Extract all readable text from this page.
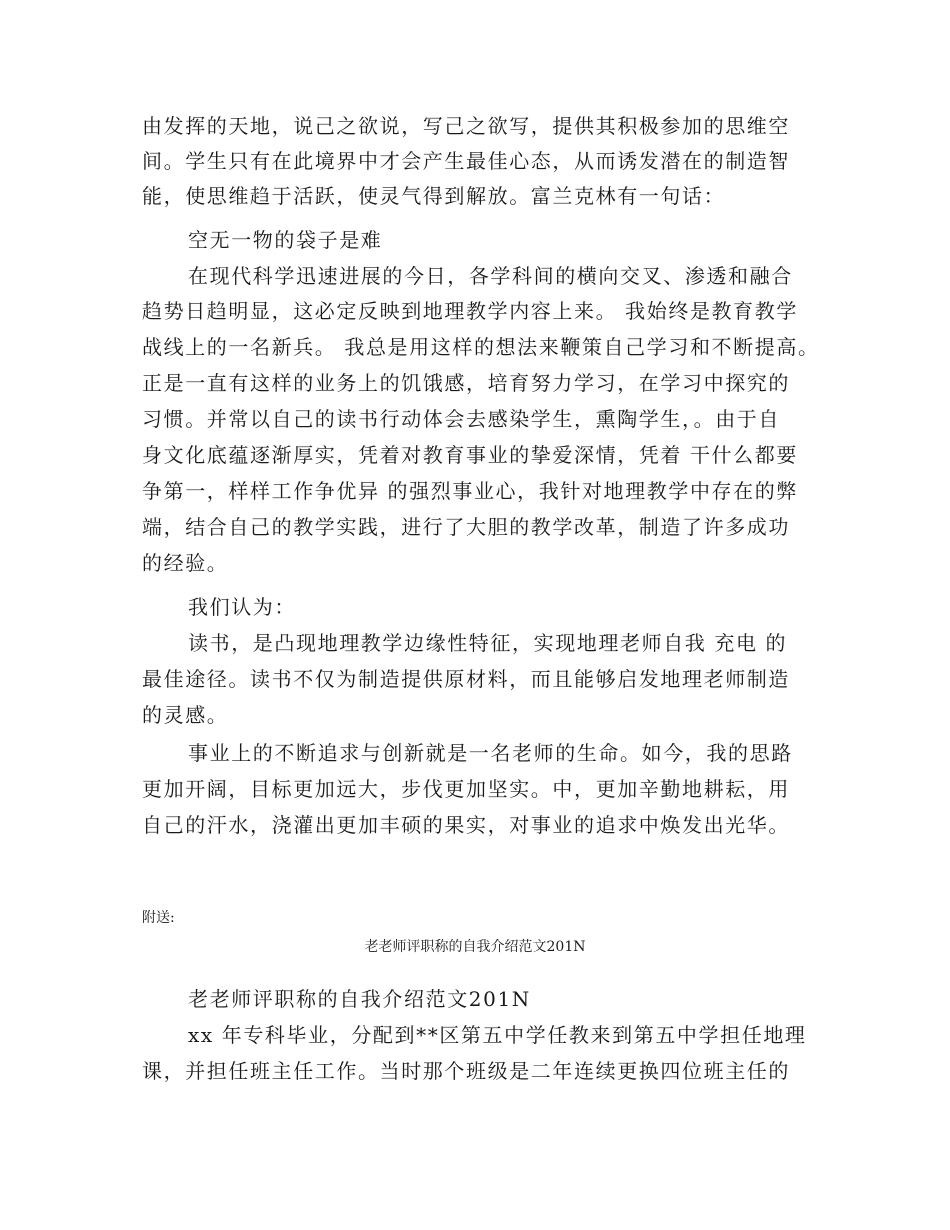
由发挥的天地，说己之欲说，写己之欲写，提供其积极参加的思维空
间。学生只有在此境界中才会产生最佳心态，从而诱发潜在的制造智
能，使思维趋于活跃，使灵气得到解放。富兰克林有一句话：
空无一物的袋子是难
在现代科学迅速进展的今日，各学科间的横向交叉、渗透和融合
趋势日趋明显，这必定反映到地理教学内容上来。 我始终是教育教学
战线上的一名新兵。 我总是用这样的想法来鞭策自己学习和不断提高。
正是一直有这样的业务上的饥饿感，培育努力学习，在学习中探究的
习惯。并常以自己的读书行动体会去感染学生，熏陶学生，。由于自
身文化底蕴逐渐厚实，凭着对教育事业的挚爱深情，凭着 干什么都要
争第一，样样工作争优异 的强烈事业心，我针对地理教学中存在的弊
端，结合自己的教学实践，进行了大胆的教学改革，制造了许多成功
的经验。
我们认为：
读书，是凸现地理教学边缘性特征，实现地理老师自我 充电 的
最佳途径。读书不仅为制造提供原材料，而且能够启发地理老师制造
的灵感。
事业上的不断追求与创新就是一名老师的生命。如今，我的思路
更加开阔，目标更加远大，步伐更加坚实。中，更加辛勤地耕耘，用
自己的汗水，浇灌出更加丰硕的果实，对事业的追求中焕发出光华。
附送:
老老师评职称的自我介绍范文201N
老老师评职称的自我介绍范文201N
xx 年专科毕业，分配到**区第五中学任教来到第五中学担任地理
课，并担任班主任工作。当时那个班级是二年连续更换四位班主任的
